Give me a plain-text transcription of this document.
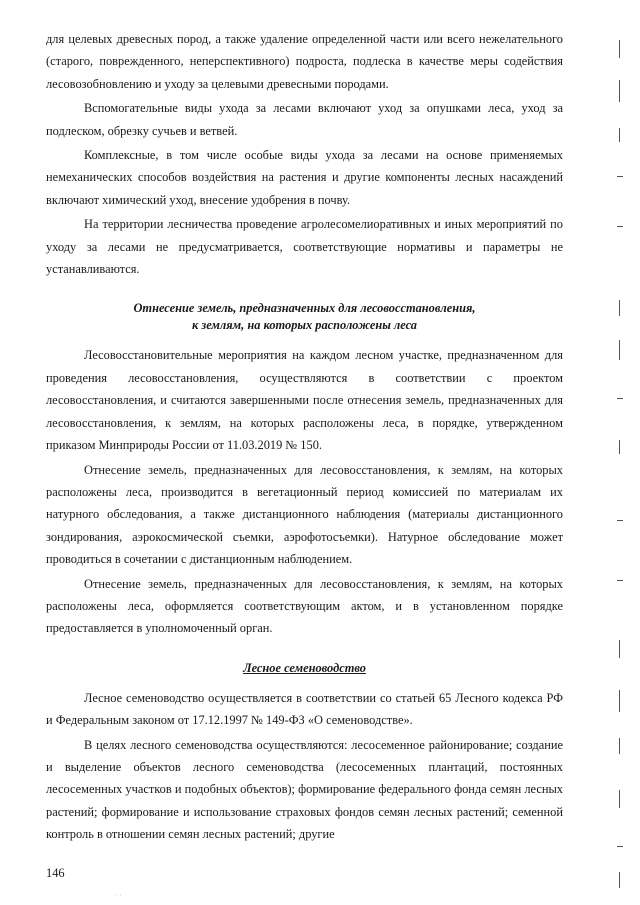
для целевых древесных пород, а также удаление определенной части или всего нежелательного (старого, поврежденного, неперспективного) подроста, подлеска в качестве меры содействия лесовозобновлению и уходу за целевыми древесными породами.

Вспомогательные виды ухода за лесами включают уход за опушками леса, уход за подлеском, обрезку сучьев и ветвей.

Комплексные, в том числе особые виды ухода за лесами на основе применяемых немеханических способов воздействия на растения и другие компоненты лесных насаждений включают химический уход, внесение удобрения в почву.

На территории лесничества проведение агролесомелиоративных и иных мероприятий по уходу за лесами не предусматривается, соответствующие нормативы и параметры не устанавливаются.

Отнесение земель, предназначенных для лесовосстановления,
к землям, на которых расположены леса

Лесовосстановительные мероприятия на каждом лесном участке, предназначенном для проведения лесовосстановления, осуществляются в соответствии с проектом лесовосстановления, и считаются завершенными после отнесения земель, предназначенных для лесовосстановления, к землям, на которых расположены леса, в порядке, утвержденном приказом Минприроды России от 11.03.2019 № 150.

Отнесение земель, предназначенных для лесовосстановления, к землям, на которых расположены леса, производится в вегетационный период комиссией по материалам их натурного обследования, а также дистанционного наблюдения (материалы дистанционного зондирования, аэрокосмической съемки, аэрофотосъемки). Натурное обследование может проводиться в сочетании с дистанционным наблюдением.

Отнесение земель, предназначенных для лесовосстановления, к землям, на которых расположены леса, оформляется соответствующим актом, и в установленном порядке предоставляется в уполномоченный орган.

Лесное семеноводство

Лесное семеноводство осуществляется в соответствии со статьей 65 Лесного кодекса РФ и Федеральным законом от 17.12.1997 № 149-ФЗ «О семеноводстве».

В целях лесного семеноводства осуществляются: лесосеменное районирование; создание и выделение объектов лесного семеноводства (лесосеменных плантаций, постоянных лесосеменных участков и подобных объектов); формирование федерального фонда семян лесных растений; формирование и использование страховых фондов семян лесных растений; семенной контроль в отношении семян лесных растений; другие

146
· ·
